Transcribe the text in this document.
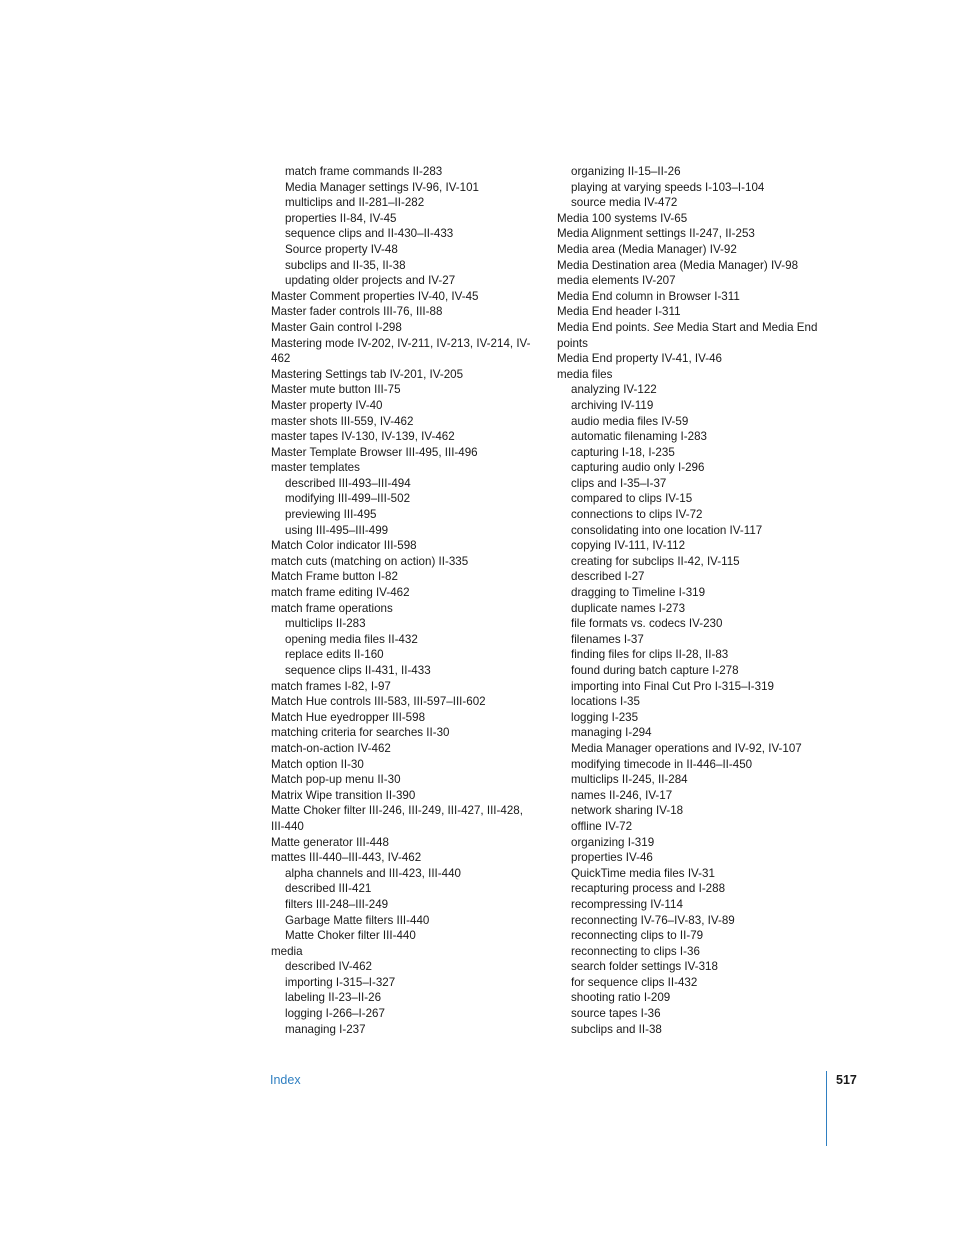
match frame commands II-283
Media Manager settings IV-96, IV-101
multiclips and II-281–II-282
properties II-84, IV-45
sequence clips and II-430–II-433
Source property IV-48
subclips and II-35, II-38
updating older projects and IV-27
Master Comment properties IV-40, IV-45
Master fader controls III-76, III-88
Master Gain control I-298
Mastering mode IV-202, IV-211, IV-213, IV-214, IV-462
Mastering Settings tab IV-201, IV-205
Master mute button III-75
Master property IV-40
master shots III-559, IV-462
master tapes IV-130, IV-139, IV-462
Master Template Browser III-495, III-496
master templates
described III-493–III-494
modifying III-499–III-502
previewing III-495
using III-495–III-499
Match Color indicator III-598
match cuts (matching on action) II-335
Match Frame button I-82
match frame editing IV-462
match frame operations
multiclips II-283
opening media files II-432
replace edits II-160
sequence clips II-431, II-433
match frames I-82, I-97
Match Hue controls III-583, III-597–III-602
Match Hue eyedropper III-598
matching criteria for searches II-30
match-on-action IV-462
Match option II-30
Match pop-up menu II-30
Matrix Wipe transition II-390
Matte Choker filter III-246, III-249, III-427, III-428, III-440
Matte generator III-448
mattes III-440–III-443, IV-462
alpha channels and III-423, III-440
described III-421
filters III-248–III-249
Garbage Matte filters III-440
Matte Choker filter III-440
media
described IV-462
importing I-315–I-327
labeling II-23–II-26
logging I-266–I-267
managing I-237
organizing II-15–II-26
playing at varying speeds I-103–I-104
source media IV-472
Media 100 systems IV-65
Media Alignment settings II-247, II-253
Media area (Media Manager) IV-92
Media Destination area (Media Manager) IV-98
media elements IV-207
Media End column in Browser I-311
Media End header I-311
Media End points. See Media Start and Media End points
Media End property IV-41, IV-46
media files
analyzing IV-122
archiving IV-119
audio media files IV-59
automatic filenaming I-283
capturing I-18, I-235
capturing audio only I-296
clips and I-35–I-37
compared to clips IV-15
connections to clips IV-72
consolidating into one location IV-117
copying IV-111, IV-112
creating for subclips II-42, IV-115
described I-27
dragging to Timeline I-319
duplicate names I-273
file formats vs. codecs IV-230
filenames I-37
finding files for clips II-28, II-83
found during batch capture I-278
importing into Final Cut Pro I-315–I-319
locations I-35
logging I-235
managing I-294
Media Manager operations and IV-92, IV-107
modifying timecode in II-446–II-450
multiclips II-245, II-284
names II-246, IV-17
network sharing IV-18
offline IV-72
organizing I-319
properties IV-46
QuickTime media files IV-31
recapturing process and I-288
recompressing IV-114
reconnecting IV-76–IV-83, IV-89
reconnecting clips to II-79
reconnecting to clips I-36
search folder settings IV-318
for sequence clips II-432
shooting ratio I-209
source tapes I-36
subclips and II-38
Index	517
